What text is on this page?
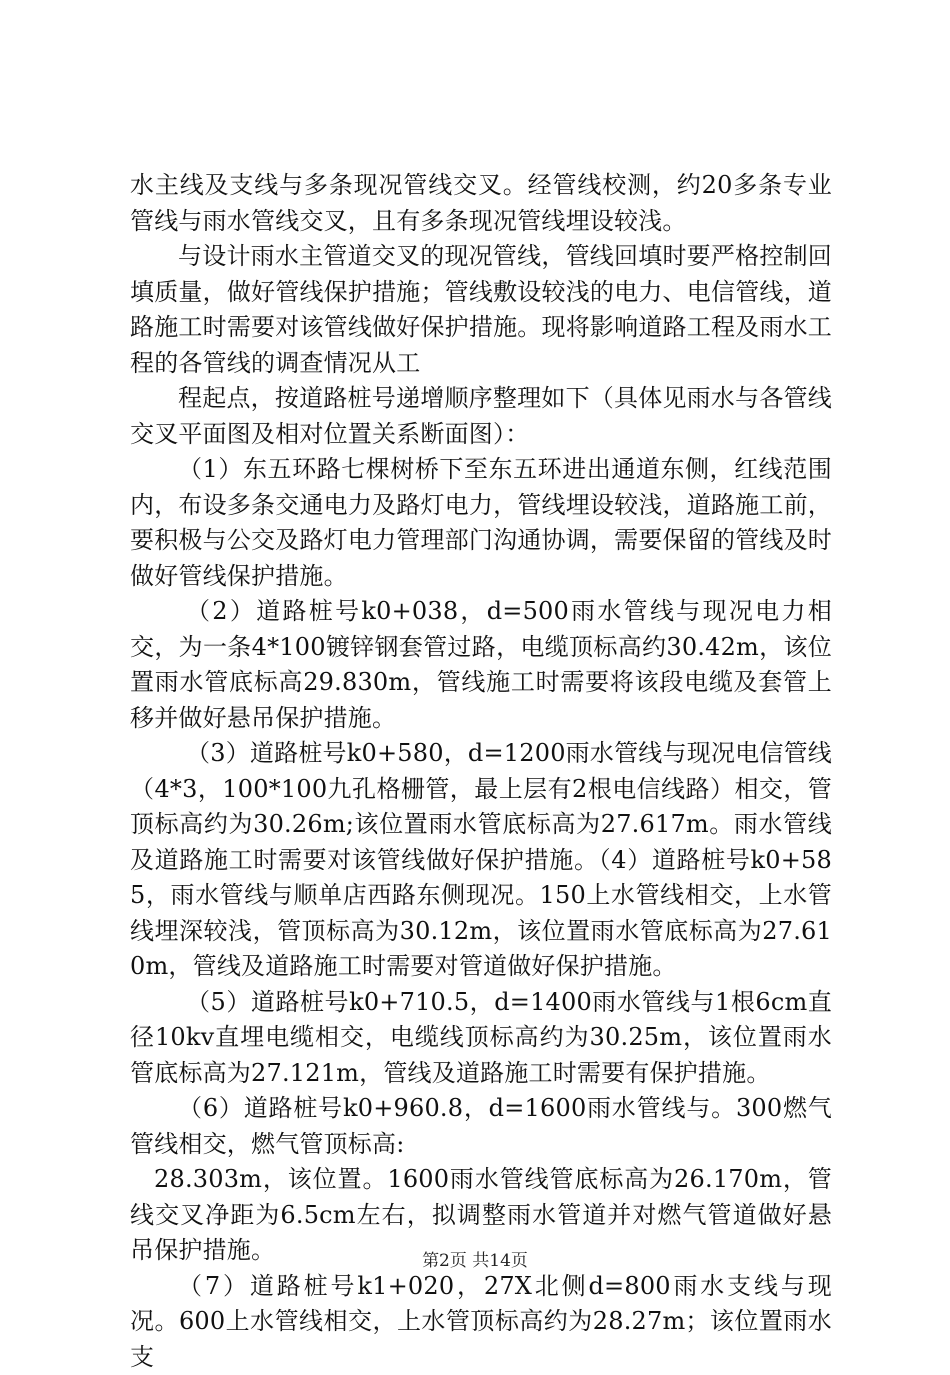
水主线及支线与多条现况管线交叉。经管线校测，约20多条专业管线与雨水管线交叉，且有多条现况管线埋设较浅。

与设计雨水主管道交叉的现况管线，管线回填时要严格控制回填质量，做好管线保护措施；管线敷设较浅的电力、电信管线，道路施工时需要对该管线做好保护措施。现将影响道路工程及雨水工程的各管线的调查情况从工

程起点，按道路桩号递增顺序整理如下（具体见雨水与各管线交叉平面图及相对位置关系断面图）：

（1）东五环路七棵树桥下至东五环进出通道东侧，红线范围内，布设多条交通电力及路灯电力，管线埋设较浅，道路施工前，要积极与公交及路灯电力管理部门沟通协调，需要保留的管线及时做好管线保护措施。

（2）道路桩号k0+038，d=500雨水管线与现况电力相交，为一条4*100镀锌钢套管过路，电缆顶标高约30.42m，该位置雨水管底标高29.830m，管线施工时需要将该段电缆及套管上移并做好悬吊保护措施。

（3）道路桩号k0+580，d=1200雨水管线与现况电信管线（4*3，100*100九孔格栅管，最上层有2根电信线路）相交，管顶标高约为30.26m;该位置雨水管底标高为27.617m。雨水管线及道路施工时需要对该管线做好保护措施。（4）道路桩号k0+585，雨水管线与顺单店西路东侧现况。150上水管线相交，上水管线埋深较浅，管顶标高为30.12m，该位置雨水管底标高为27.610m，管线及道路施工时需要对管道做好保护措施。

（5）道路桩号k0+710.5，d=1400雨水管线与1根6cm直径10kv直埋电缆相交，电缆线顶标高约为30.25m，该位置雨水管底标高为27.121m，管线及道路施工时需要有保护措施。

（6）道路桩号k0+960.8，d=1600雨水管线与。300燃气管线相交，燃气管顶标高:

28.303m，该位置。1600雨水管线管底标高为26.170m，管线交叉净距为6.5cm左右，拟调整雨水管道并对燃气管道做好悬吊保护措施。

（7）道路桩号k1+020，27X北侧d=800雨水支线与现况。600上水管线相交，上水管顶标高约为28.27m；该位置雨水支

第2页 共14页
